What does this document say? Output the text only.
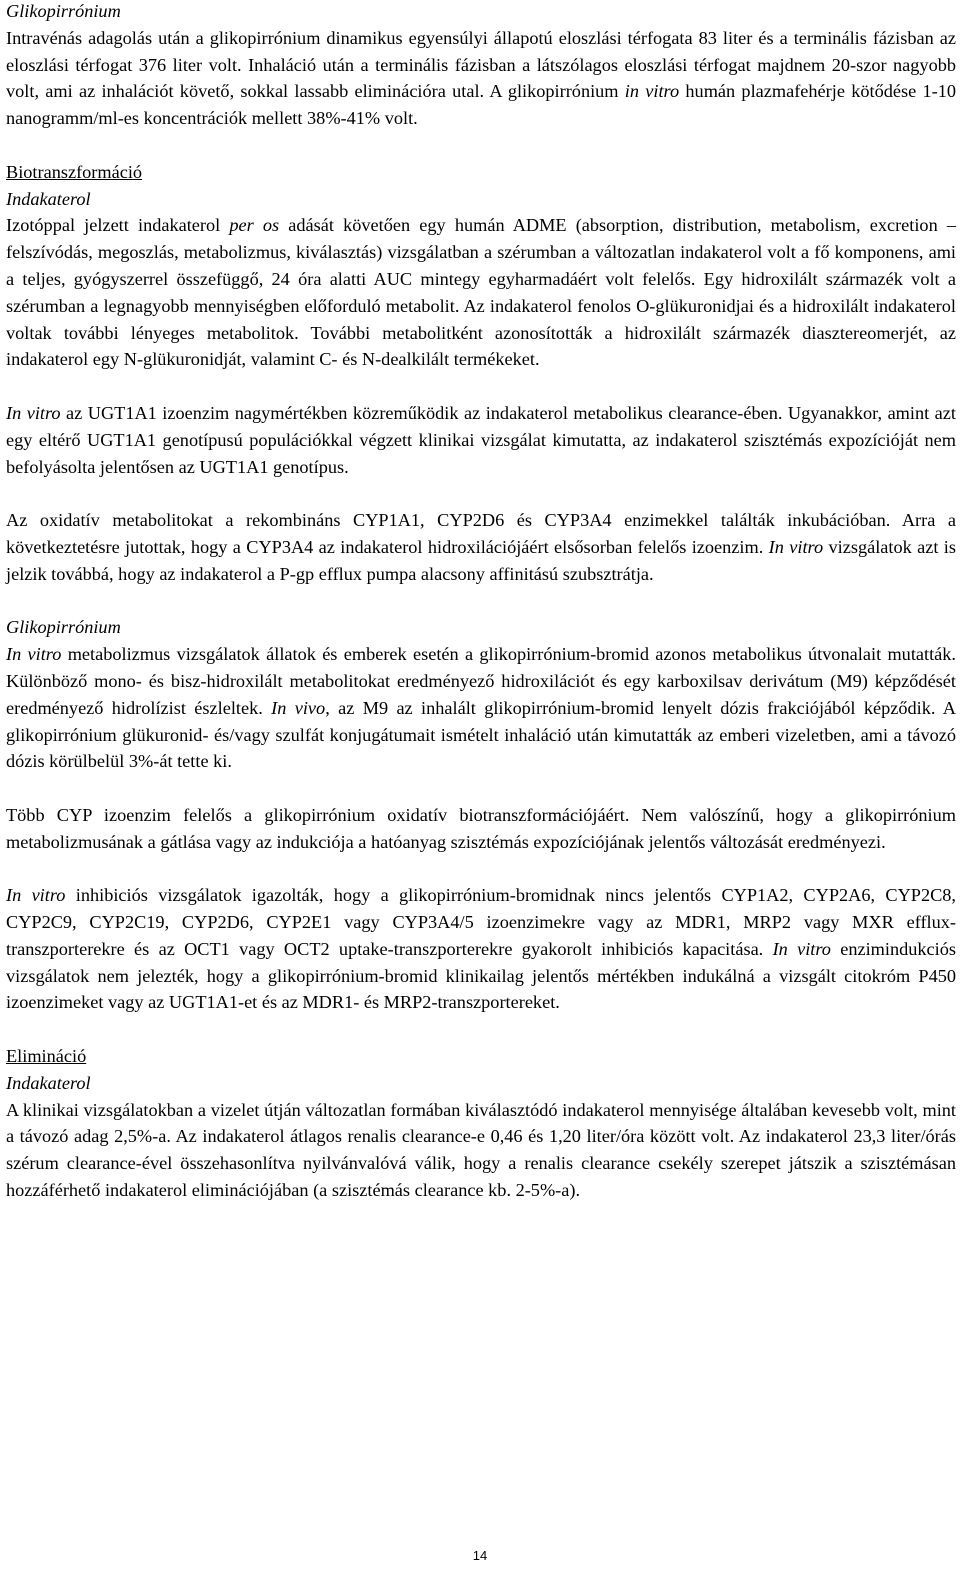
Glikopirrónium

Intravénás adagolás után a glikopirrónium dinamikus egyensúlyi állapotú eloszlási térfogata 83 liter és a terminális fázisban az eloszlási térfogat 376 liter volt. Inhaláció után a terminális fázisban a látszólagos eloszlási térfogat majdnem 20-szor nagyobb volt, ami az inhalációt követő, sokkal lassabb eliminációra utal. A glikopirrónium in vitro humán plazmafehérje kötődése 1-10 nanogramm/ml-es koncentrációk mellett 38%-41% volt.

Biotranszformáció

Indakaterol

Izotóppal jelzett indakaterol per os adását követően egy humán ADME (absorption, distribution, metabolism, excretion – felszívódás, megoszlás, metabolizmus, kiválasztás) vizsgálatban a szérumban a változatlan indakaterol volt a fő komponens, ami a teljes, gyógyszerrel összefüggő, 24 óra alatti AUC mintegy egyharmadáért volt felelős. Egy hidroxilált származék volt a szérumban a legnagyobb mennyiségben előforduló metabolit. Az indakaterol fenolos O-glükuronidjai és a hidroxilált indakaterol voltak további lényeges metabolitok. További metabolitként azonosították a hidroxilált származék diasztereomerjét, az indakaterol egy N-glükuronidját, valamint C- és N-dealkilált termékeket.

In vitro az UGT1A1 izoenzim nagymértékben közreműködik az indakaterol metabolikus clearance-ében. Ugyanakkor, amint azt egy eltérő UGT1A1 genotípusú populációkkal végzett klinikai vizsgálat kimutatta, az indakaterol szisztémás expozícióját nem befolyásolta jelentősen az UGT1A1 genotípus.

Az oxidatív metabolitokat a rekombináns CYP1A1, CYP2D6 és CYP3A4 enzimekkel találták inkubációban. Arra a következtetésre jutottak, hogy a CYP3A4 az indakaterol hidroxilációjáért elsősorban felelős izoenzim. In vitro vizsgálatok azt is jelzik továbbá, hogy az indakaterol a P-gp efflux pumpa alacsony affinitású szubsztrátja.

Glikopirrónium

In vitro metabolizmus vizsgálatok állatok és emberek esetén a glikopirrónium-bromid azonos metabolikus útvonalait mutatták. Különböző mono- és bisz-hidroxilált metabolitokat eredményező hidroxilációt és egy karboxilsav derivátum (M9) képződését eredményező hidrolízist észleltek. In vivo, az M9 az inhalált glikopirrónium-bromid lenyelt dózis frakciójából képződik. A glikopirrónium glükuronid- és/vagy szulfát konjugátumait ismételt inhaláció után kimutatták az emberi vizeletben, ami a távozó dózis körülbelül 3%-át tette ki.

Több CYP izoenzim felelős a glikopirrónium oxidatív biotranszformációjáért. Nem valószínű, hogy a glikopirrónium metabolizmusának a gátlása vagy az indukciója a hatóanyag szisztémás expozíciójának jelentős változását eredményezi.

In vitro inhibiciós vizsgálatok igazolták, hogy a glikopirrónium-bromidnak nincs jelentős CYP1A2, CYP2A6, CYP2C8, CYP2C9, CYP2C19, CYP2D6, CYP2E1 vagy CYP3A4/5 izoenzimekre vagy az MDR1, MRP2 vagy MXR efflux-transzporterekre és az OCT1 vagy OCT2 uptake-transzporterekre gyakorolt inhibiciós kapacitása. In vitro enzimindukciós vizsgálatok nem jelezték, hogy a glikopirrónium-bromid klinikailag jelentős mértékben indukálná a vizsgált citokróm P450 izoenzimeket vagy az UGT1A1-et és az MDR1- és MRP2-transzportereket.

Elimináció

Indakaterol

A klinikai vizsgálatokban a vizelet útján változatlan formában kiválasztódó indakaterol mennyisége általában kevesebb volt, mint a távozó adag 2,5%-a. Az indakaterol átlagos renalis clearance-e 0,46 és 1,20 liter/óra között volt. Az indakaterol 23,3 liter/órás szérum clearance-ével összehasonlítva nyilvánvalóvá válik, hogy a renalis clearance csekély szerepet játszik a szisztémásan hozzáférhető indakaterol eliminációjában (a szisztémás clearance kb. 2-5%-a).

14
